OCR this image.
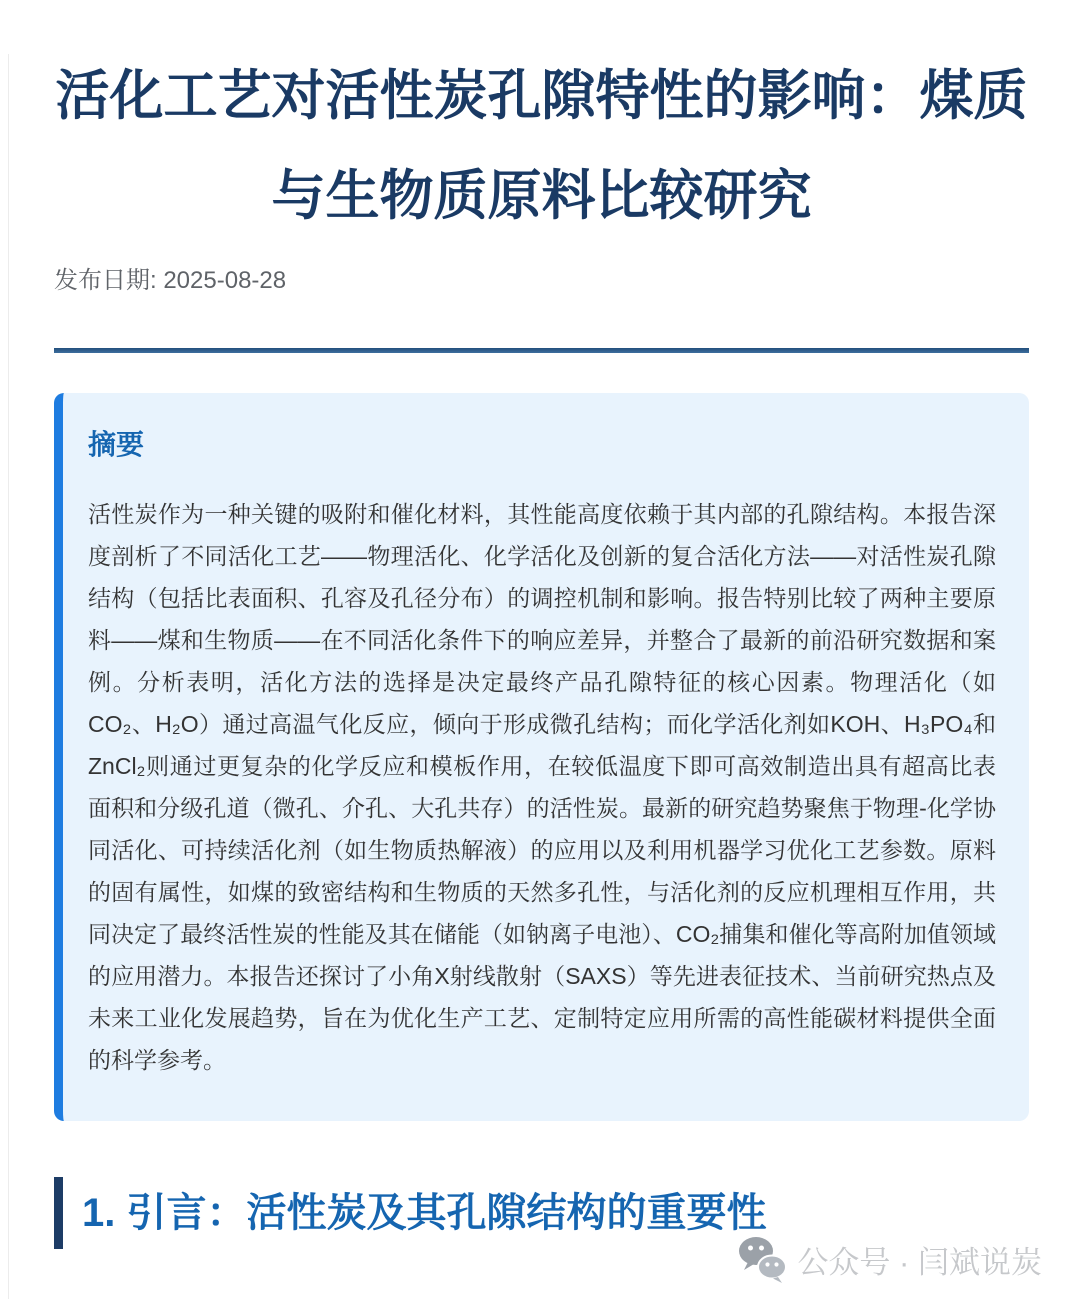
活化工艺对活性炭孔隙特性的影响：煤质与生物质原料比较研究
发布日期: 2025-08-28
摘要

活性炭作为一种关键的吸附和催化材料，其性能高度依赖于其内部的孔隙结构。本报告深度剖析了不同活化工艺——物理活化、化学活化及创新的复合活化方法——对活性炭孔隙结构（包括比表面积、孔容及孔径分布）的调控机制和影响。报告特别比较了两种主要原料——煤和生物质——在不同活化条件下的响应差异，并整合了最新的前沿研究数据和案例。分析表明，活化方法的选择是决定最终产品孔隙特征的核心因素。物理活化（如CO₂、H₂O）通过高温气化反应，倾向于形成微孔结构；而化学活化剂如KOH、H₃PO₄和ZnCl₂则通过更复杂的化学反应和模板作用，在较低温度下即可高效制造出具有超高比表面积和分级孔道（微孔、介孔、大孔共存）的活性炭。最新的研究趋势聚焦于物理-化学协同活化、可持续活化剂（如生物质热解液）的应用以及利用机器学习优化工艺参数。原料的固有属性，如煤的致密结构和生物质的天然多孔性，与活化剂的反应机理相互作用，共同决定了最终活性炭的性能及其在储能（如钠离子电池）、CO₂捕集和催化等高附加值领域的应用潜力。本报告还探讨了小角X射线散射（SAXS）等先进表征技术、当前研究热点及未来工业化发展趋势，旨在为优化生产工艺、定制特定应用所需的高性能碳材料提供全面的科学参考。

1. 引言：活性炭及其孔隙结构的重要性
公众号 · 闫斌说炭
